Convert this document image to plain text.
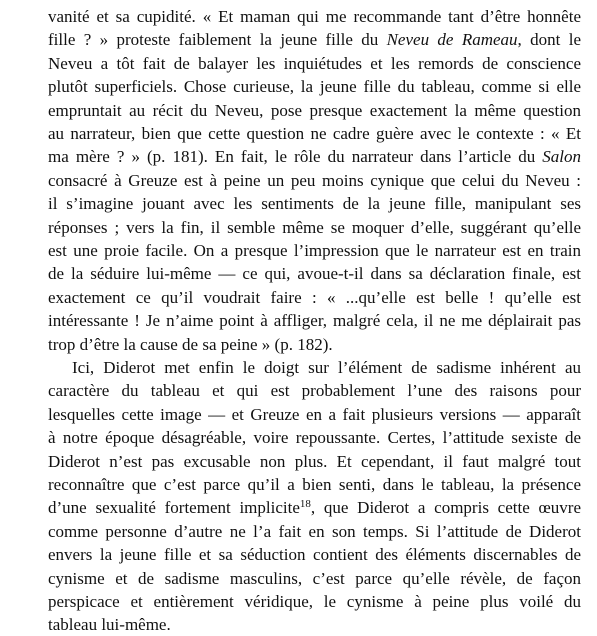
vanité et sa cupidité. « Et maman qui me recommande tant d’être honnête
fille ? » proteste faiblement la jeune fille du Neveu de Rameau, dont le
Neveu a tôt fait de balayer les inquiétudes et les remords de conscience
plutôt superficiels. Chose curieuse, la jeune fille du tableau, comme si elle
empruntait au récit du Neveu, pose presque exactement la même question
au narrateur, bien que cette question ne cadre guère avec le contexte : « Et
ma mère ? » (p. 181). En fait, le rôle du narrateur dans l’article du Salon
consacré à Greuze est à peine un peu moins cynique que celui du Neveu :
il s’imagine jouant avec les sentiments de la jeune fille, manipulant ses
réponses ; vers la fin, il semble même se moquer d’elle, suggérant qu’elle
est une proie facile. On a presque l’impression que le narrateur est en train
de la séduire lui-même — ce qui, avoue-t-il dans sa déclaration finale, est
exactement ce qu’il voudrait faire : « ...qu’elle est belle ! qu’elle est
intéressante ! Je n’aime point à affliger, malgré cela, il ne me déplairait pas
trop d’être la cause de sa peine » (p. 182).
Ici, Diderot met enfin le doigt sur l’élément de sadisme inhérent au
caractère du tableau et qui est probablement l’une des raisons pour
lesquelles cette image — et Greuze en a fait plusieurs versions — apparaît
à notre époque désagréable, voire repoussante. Certes, l’attitude sexiste de
Diderot n’est pas excusable non plus. Et cependant, il faut malgré tout
reconnaître que c’est parce qu’il a bien senti, dans le tableau, la présence
d’une sexualité fortement implicite$^{18}$, que Diderot a compris cette œuvre
comme personne d’autre ne l’a fait en son temps. Si l’attitude de Diderot
envers la jeune fille et sa séduction contient des éléments discernables de
cynisme et de sadisme masculins, c’est parce qu’elle révèle, de façon
perspicace et entièrement véridique, le cynisme à peine plus voilé du
tableau lui-même.
